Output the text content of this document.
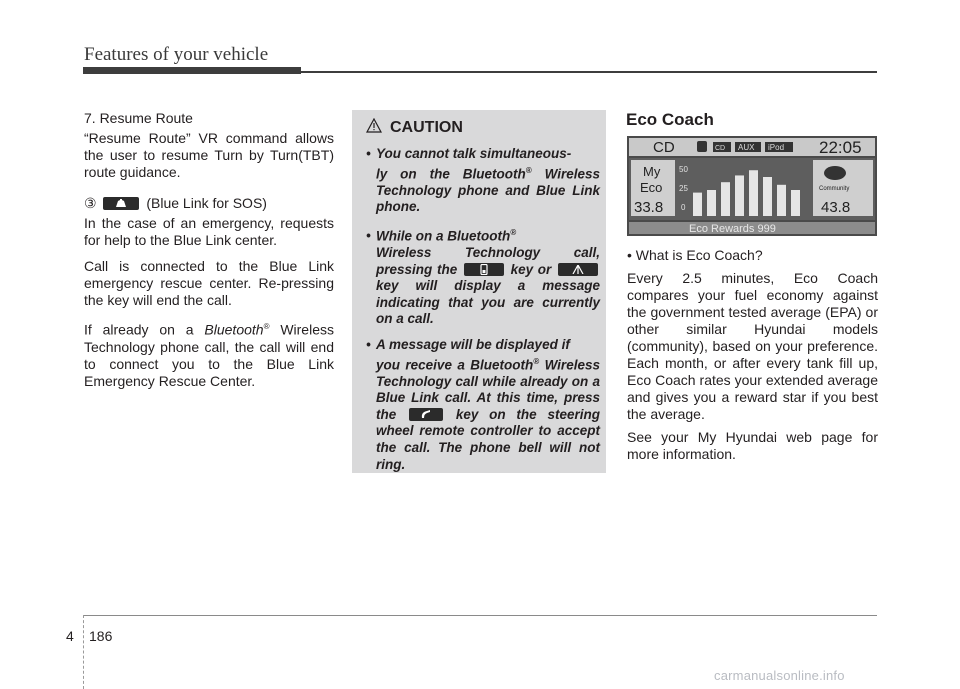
Features of your vehicle

7. Resume Route

“Resume Route” VR command allows the user to resume Turn by Turn(TBT) route guidance.

③	(Blue Link for SOS)

In the case of an emergency, requests for help to the Blue Link center.

Call is connected to the Blue Link emergency rescue center. Re-pressing the key will end the call.

If already on a Bluetooth® Wireless Technology phone call, the call will end to connect you to the Blue Link Emergency Rescue Center.

CAUTION
• You cannot talk simultaneous-
ly on the Bluetooth® Wireless Technology phone and Blue Link phone.
• While on a Bluetooth®
Wireless Technology call, pressing the	key or
key will display a message indicating that you are currently on a call.
• A message will be displayed if
you receive a Bluetooth® Wireless Technology call while already on a Blue Link call. At this time, press the	key on the steering wheel remote controller to accept the call. The phone bell will not ring.
Eco Coach
CD	CD AUX iPod 22:05
My
Eco
33.8
50
25
0
Community
43.8
Eco Rewards 999

• What is Eco Coach?

Every 2.5 minutes, Eco Coach compares your fuel economy against the government tested average (EPA) or other similar Hyundai models (community), based on your preference. Each month, or after every tank fill up, Eco Coach rates your extended average and gives you a reward star if you best the average.

See your My Hyundai web page for more information.

4 186
carmanualsonline.info
